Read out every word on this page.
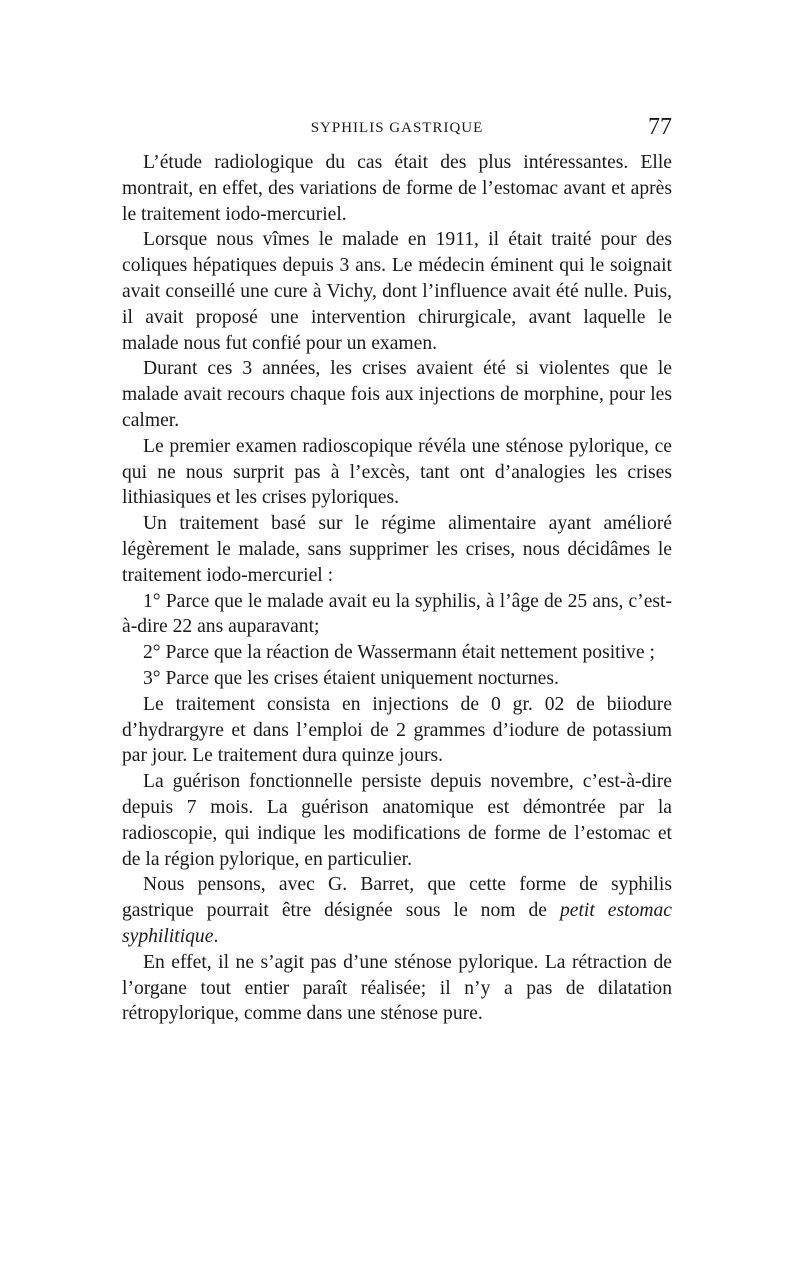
SYPHILIS GASTRIQUE	77

L’étude radiologique du cas était des plus intéressantes. Elle montrait, en effet, des variations de forme de l’estomac avant et après le traitement iodo-mercuriel.

Lorsque nous vîmes le malade en 1911, il était traité pour des coliques hépatiques depuis 3 ans. Le médecin éminent qui le soignait avait conseillé une cure à Vichy, dont l’influence avait été nulle. Puis, il avait proposé une intervention chirurgicale, avant laquelle le malade nous fut confié pour un examen.

Durant ces 3 années, les crises avaient été si violentes que le malade avait recours chaque fois aux injections de morphine, pour les calmer.

Le premier examen radioscopique révéla une sténose pylorique, ce qui ne nous surprit pas à l’excès, tant ont d’analogies les crises lithiasiques et les crises pyloriques.

Un traitement basé sur le régime alimentaire ayant amélioré légèrement le malade, sans supprimer les crises, nous décidâmes le traitement iodo-mercuriel :

1° Parce que le malade avait eu la syphilis, à l’âge de 25 ans, c’est-à-dire 22 ans auparavant;

2° Parce que la réaction de Wassermann était nettement positive ;

3° Parce que les crises étaient uniquement nocturnes.

Le traitement consista en injections de 0 gr. 02 de biiodure d’hydrargyre et dans l’emploi de 2 grammes d’iodure de potassium par jour. Le traitement dura quinze jours.

La guérison fonctionnelle persiste depuis novembre, c’est-à-dire depuis 7 mois. La guérison anatomique est démontrée par la radioscopie, qui indique les modifications de forme de l’estomac et de la région pylorique, en particulier.

Nous pensons, avec G. Barret, que cette forme de syphilis gastrique pourrait être désignée sous le nom de petit estomac syphilitique.

En effet, il ne s’agit pas d’une sténose pylorique. La rétraction de l’organe tout entier paraît réalisée; il n’y a pas de dilatation rétropylorique, comme dans une sténose pure.
